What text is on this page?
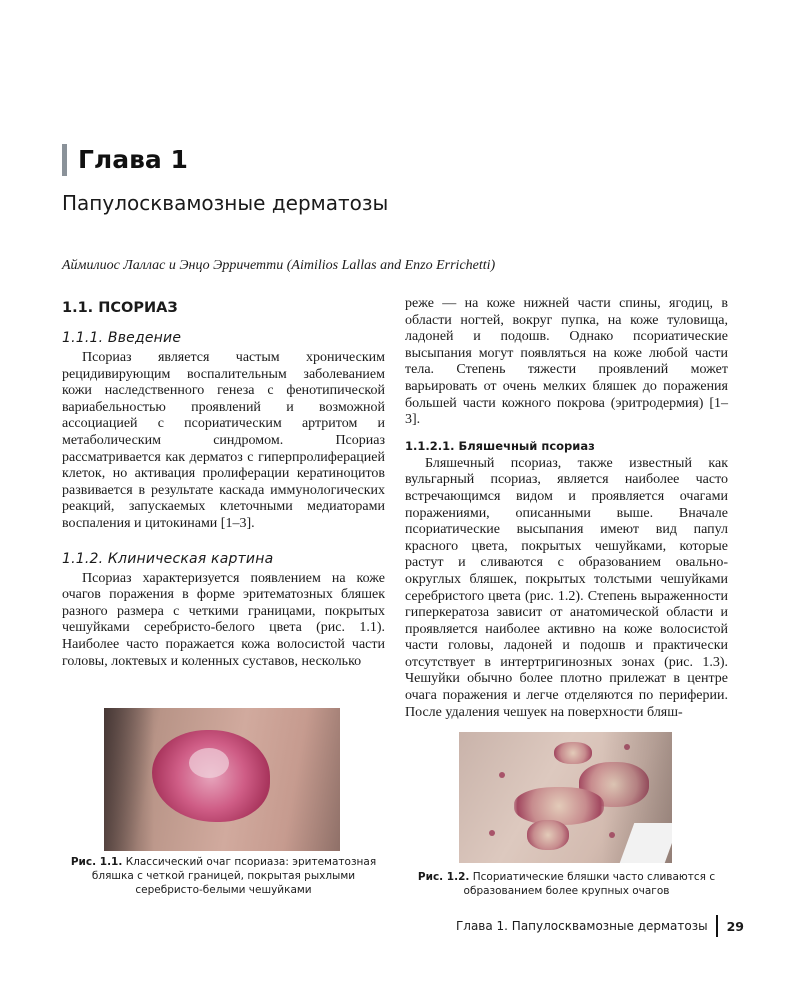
Глава 1
Папулосквамозные дерматозы
Аймилиос Лаллас и Энцо Эрричетти (Aimilios Lallas and Enzo Errichetti)
1.1. ПСОРИАЗ
1.1.1. Введение

Псориаз является частым хроническим рецидивирующим воспалительным заболеванием кожи наследственного генеза с фенотипической вариабельностью проявлений и возможной ассоциацией с псориатическим артритом и метаболическим синдромом. Псориаз рассматривается как дерматоз с гиперпролиферацией клеток, но активация пролиферации кератиноцитов развивается в результате каскада иммунологических реакций, запускаемых клеточными медиаторами воспаления и цитокинами [1–3].

1.1.2. Клиническая картина

Псориаз характеризуется появлением на коже очагов поражения в форме эритематозных бляшек разного размера с четкими границами, покрытых чешуйками серебристо-белого цвета (рис. 1.1). Наиболее часто поражается кожа волосистой части головы, локтевых и коленных суставов, несколько

реже — на коже нижней части спины, ягодиц, в области ногтей, вокруг пупка, на коже туловища, ладоней и подошв. Однако псориатические высыпания могут появляться на коже любой части тела. Степень тяжести проявлений может варьировать от очень мелких бляшек до поражения большей части кожного покрова (эритродермия) [1–3].

1.1.2.1. Бляшечный псориаз

Бляшечный псориаз, также известный как вульгарный псориаз, является наиболее часто встречающимся видом и проявляется очагами поражениями, описанными выше. Вначале псориатические высыпания имеют вид папул красного цвета, покрытых чешуйками, которые растут и сливаются с образованием овально-округлых бляшек, покрытых толстыми чешуйками серебристого цвета (рис. 1.2). Степень выраженности гиперкератоза зависит от анатомической области и проявляется наиболее активно на коже волосистой части головы, ладоней и подошв и практически отсутствует в интертригинозных зонах (рис. 1.3). Чешуйки обычно более плотно прилежат в центре очага поражения и легче отделяются по периферии. После удаления чешуек на поверхности бляш-

Рис. 1.1. Классический очаг псориаза: эритематозная бляшка с четкой границей, покрытая рыхлыми серебристо-белыми чешуйками
Рис. 1.2. Псориатические бляшки часто сливаются с образованием более крупных очагов
Глава 1. Папулосквамозные дерматозы 29
